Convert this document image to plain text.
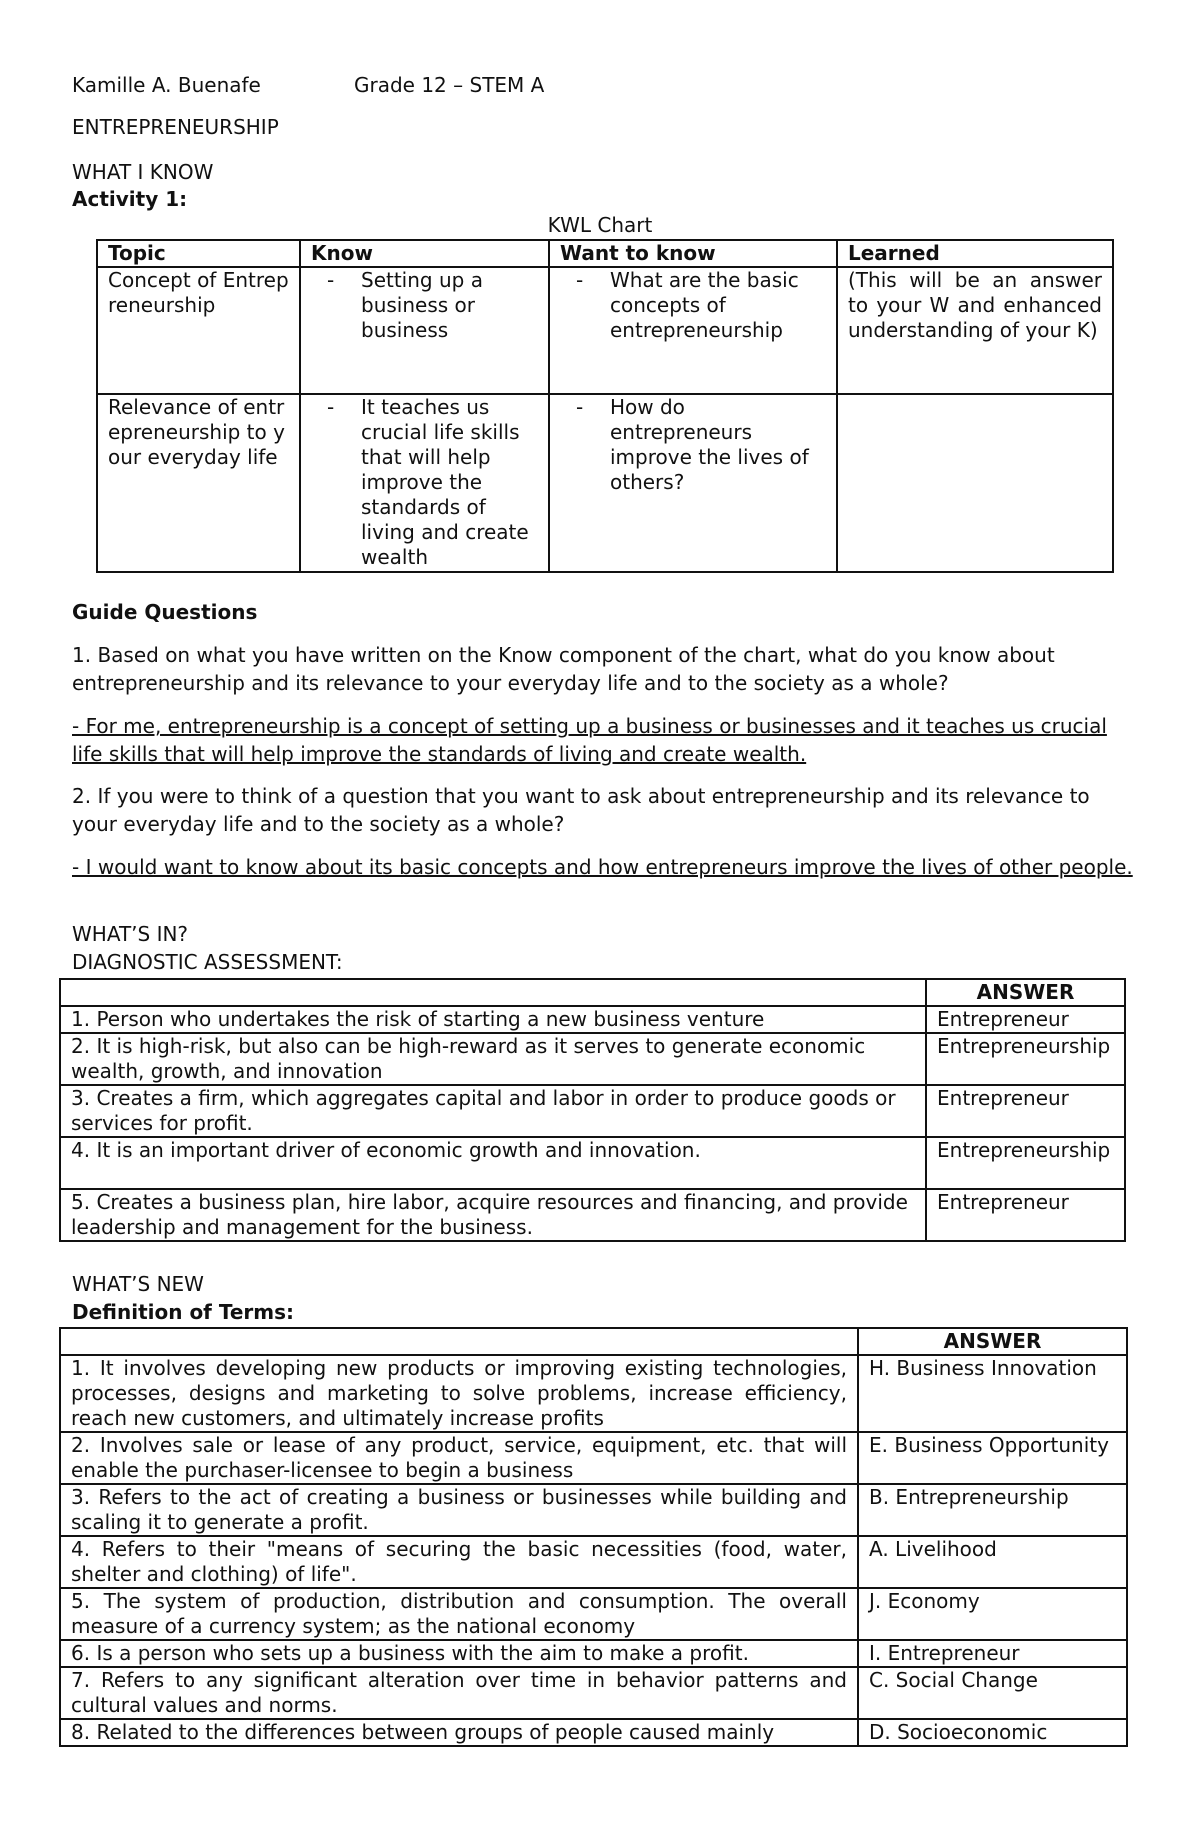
Kamille A. Buenafe	Grade 12 – STEM A
ENTREPRENEURSHIP
WHAT I KNOW
Activity 1:
KWL Chart
Topic	Know	Want to know	Learned
Concept of Entrepreneurship	- Setting up a business or business	- What are the basic concepts of entrepreneurship	(This will be an answer to your W and enhanced understanding of your K)
Relevance of entrepreneurship to your everyday life	- It teaches us crucial life skills that will help improve the standards of living and create wealth	- How do entrepreneurs improve the lives of others?	

Guide Questions
1. Based on what you have written on the Know component of the chart, what do you know about entrepreneurship and its relevance to your everyday life and to the society as a whole?
- For me, entrepreneurship is a concept of setting up a business or businesses and it teaches us crucial life skills that will help improve the standards of living and create wealth.
2. If you were to think of a question that you want to ask about entrepreneurship and its relevance to your everyday life and to the society as a whole?
- I would want to know about its basic concepts and how entrepreneurs improve the lives of other people.
WHAT’S IN?
DIAGNOSTIC ASSESSMENT:
	ANSWER
1. Person who undertakes the risk of starting a new business venture	Entrepreneur
2. It is high-risk, but also can be high-reward as it serves to generate economic wealth, growth, and innovation	Entrepreneurship
3. Creates a firm, which aggregates capital and labor in order to produce goods or services for profit.	Entrepreneur
4. It is an important driver of economic growth and innovation.	Entrepreneurship
5. Creates a business plan, hire labor, acquire resources and financing, and provide leadership and management for the business.	Entrepreneur
WHAT’S NEW
Definition of Terms:
	ANSWER
1. It involves developing new products or improving existing technologies, processes, designs and marketing to solve problems, increase efficiency, reach new customers, and ultimately increase profits	H. Business Innovation
2. Involves sale or lease of any product, service, equipment, etc. that will enable the purchaser-licensee to begin a business	E. Business Opportunity
3. Refers to the act of creating a business or businesses while building and scaling it to generate a profit.	B. Entrepreneurship
4. Refers to their "means of securing the basic necessities (food, water, shelter and clothing) of life".	A. Livelihood
5. The system of production, distribution and consumption. The overall measure of a currency system; as the national economy	J. Economy
6. Is a person who sets up a business with the aim to make a profit.	I. Entrepreneur
7. Refers to any significant alteration over time in behavior patterns and cultural values and norms.	C. Social Change
8. Related to the differences between groups of people caused mainly	D. Socioeconomic
